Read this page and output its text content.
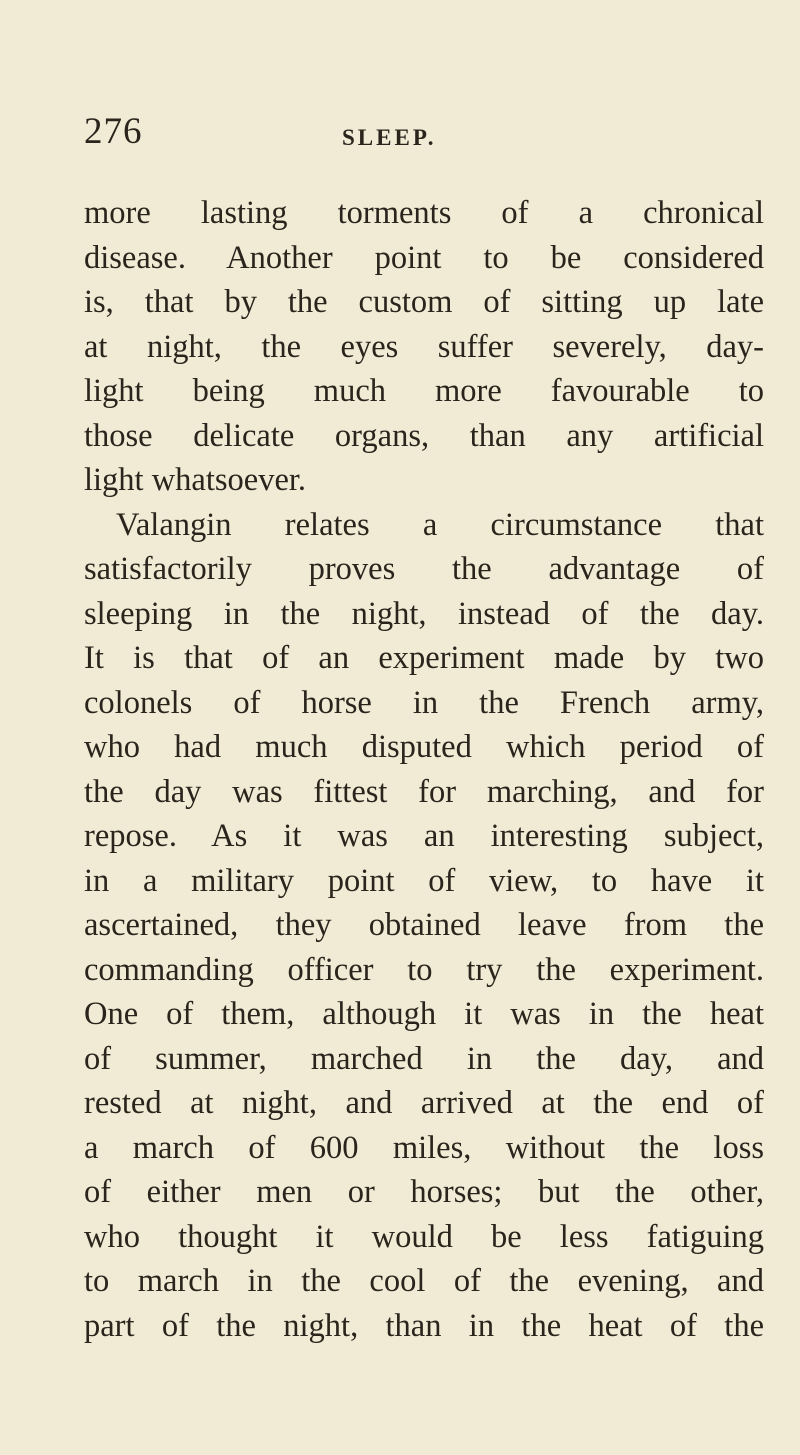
276	SLEEP.
more lasting torments of a chronical
disease. Another point to be considered
is, that by the custom of sitting up late
at night, the eyes suffer severely, day-
light being much more favourable to
those delicate organs, than any artificial
light whatsoever.
Valangin relates a circumstance that
satisfactorily proves the advantage of
sleeping in the night, instead of the day.
It is that of an experiment made by two
colonels of horse in the French army,
who had much disputed which period of
the day was fittest for marching, and for
repose. As it was an interesting subject,
in a military point of view, to have it
ascertained, they obtained leave from the
commanding officer to try the experiment.
One of them, although it was in the heat
of summer, marched in the day, and
rested at night, and arrived at the end of
a march of 600 miles, without the loss
of either men or horses; but the other,
who thought it would be less fatiguing
to march in the cool of the evening, and
part of the night, than in the heat of the
